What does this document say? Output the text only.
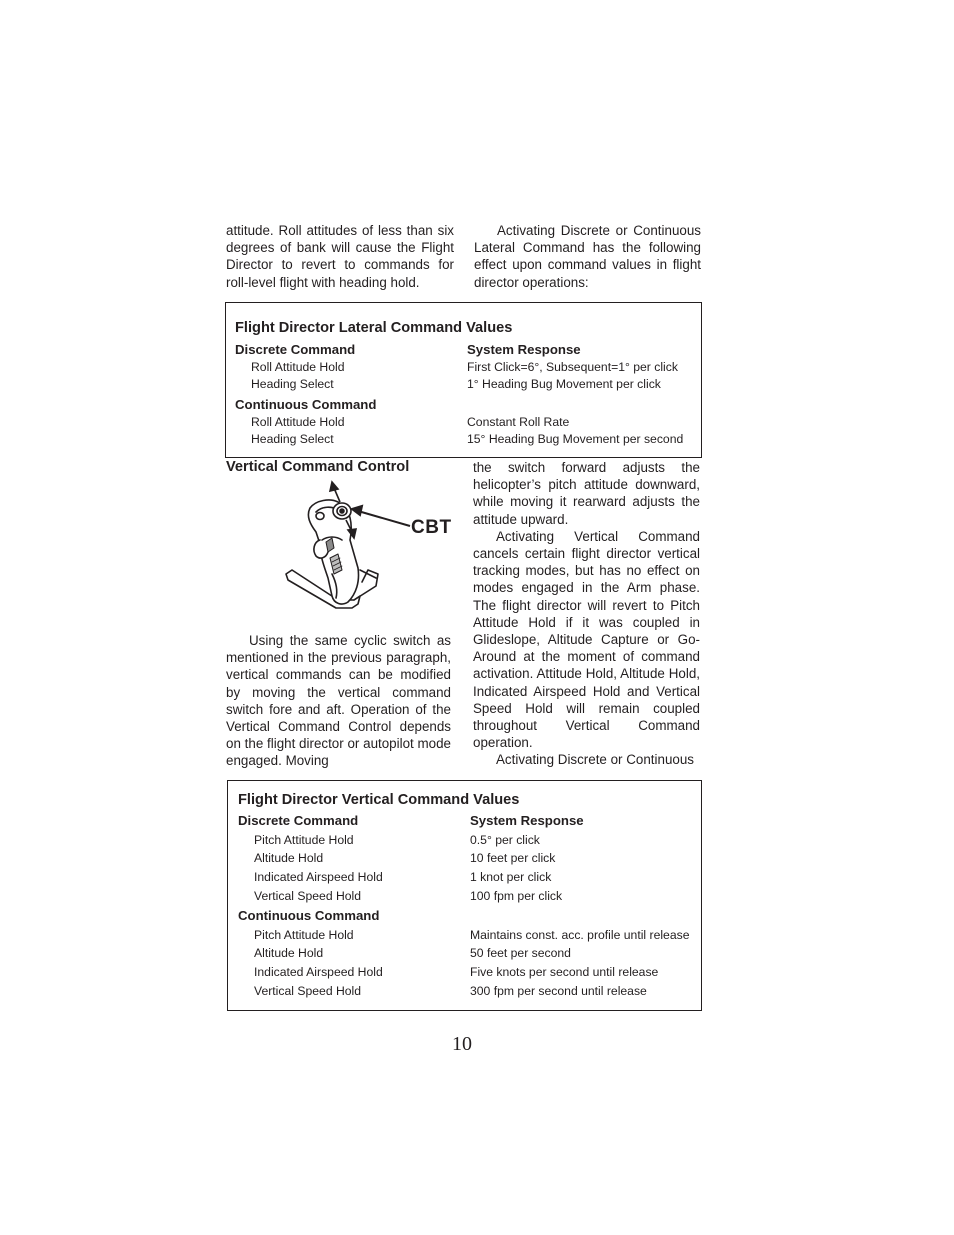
attitude. Roll attitudes of less than six degrees of bank will cause the Flight Director to revert to commands for roll-level flight with heading hold.

Activating Discrete or Continuous Lateral Command has the following effect upon command values in flight director operations:

Flight Director Lateral Command Values
Discrete Command	System Response
Roll Attitude Hold	First Click=6°, Subsequent=1° per click
Heading Select	1° Heading Bug Movement per click
Continuous Command
Roll Attitude Hold	Constant Roll Rate
Heading Select	15° Heading Bug Movement per second
Vertical Command Control
CBT

Using the same cyclic switch as mentioned in the previous paragraph, vertical commands can be modified by moving the vertical command switch fore and aft. Operation of the Vertical Command Control depends on the flight director or autopilot mode engaged. Moving

the switch forward adjusts the helicopter’s pitch attitude downward, while moving it rearward adjusts the attitude upward.

Activating Vertical Command cancels certain flight director vertical tracking modes, but has no effect on modes engaged in the Arm phase. The flight director will revert to Pitch Attitude Hold if it was coupled in Glideslope, Altitude Capture or Go-Around at the moment of command activation. Attitude Hold, Altitude Hold, Indicated Airspeed Hold and Vertical Speed Hold will remain coupled throughout Vertical Command operation.

Activating Discrete or Continuous

Flight Director Vertical Command Values
Discrete Command	System Response
Pitch Attitude Hold	0.5° per click
Altitude Hold	10 feet per click
Indicated Airspeed Hold	1 knot per click
Vertical Speed Hold	100 fpm per click
Continuous Command
Pitch Attitude Hold	Maintains const. acc. profile until release
Altitude Hold	50 feet per second
Indicated Airspeed Hold	Five knots per second until release
Vertical Speed Hold	300 fpm per second until release
10
